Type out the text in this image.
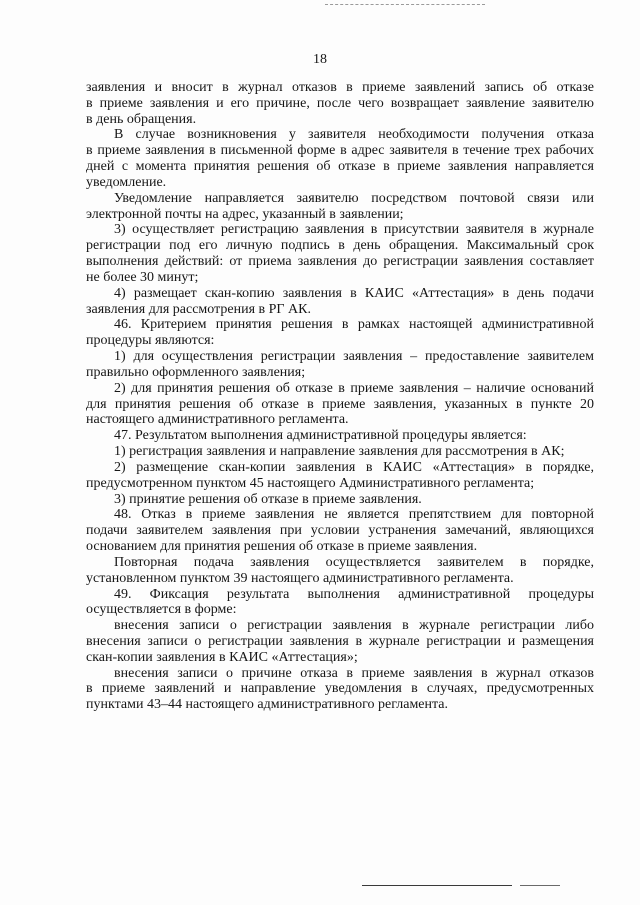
18
заявления и вносит в журнал отказов в приеме заявлений запись об отказе
в приеме заявления и его причине, после чего возвращает заявление заявителю
в день обращения.
В случае возникновения у заявителя необходимости получения отказа
в приеме заявления в письменной форме в адрес заявителя в течение трех рабочих
дней с момента принятия решения об отказе в приеме заявления направляется
уведомление.
Уведомление направляется заявителю посредством почтовой связи или
электронной почты на адрес, указанный в заявлении;
3) осуществляет регистрацию заявления в присутствии заявителя в журнале
регистрации под его личную подпись в день обращения. Максимальный срок
выполнения действий: от приема заявления до регистрации заявления составляет
не более 30 минут;
4) размещает скан-копию заявления в КАИС «Аттестация» в день подачи
заявления для рассмотрения в РГ АК.
46. Критерием принятия решения в рамках настоящей административной
процедуры являются:
1) для осуществления регистрации заявления – предоставление заявителем
правильно оформленного заявления;
2) для принятия решения об отказе в приеме заявления – наличие оснований
для принятия решения об отказе в приеме заявления, указанных в пункте 20
настоящего административного регламента.
47. Результатом выполнения административной процедуры является:
1) регистрация заявления и направление заявления для рассмотрения в АК;
2) размещение скан-копии заявления в КАИС «Аттестация» в порядке,
предусмотренном пунктом 45 настоящего Административного регламента;
3) принятие решения об отказе в приеме заявления.
48. Отказ в приеме заявления не является препятствием для повторной
подачи заявителем заявления при условии устранения замечаний, являющихся
основанием для принятия решения об отказе в приеме заявления.
Повторная подача заявления осуществляется заявителем в порядке,
установленном пунктом 39 настоящего административного регламента.
49. Фиксация результата выполнения административной процедуры
осуществляется в форме:
внесения записи о регистрации заявления в журнале регистрации либо
внесения записи о регистрации заявления в журнале регистрации и размещения
скан-копии заявления в КАИС «Аттестация»;
внесения записи о причине отказа в приеме заявления в журнал отказов
в приеме заявлений и направление уведомления в случаях, предусмотренных
пунктами 43–44 настоящего административного регламента.
